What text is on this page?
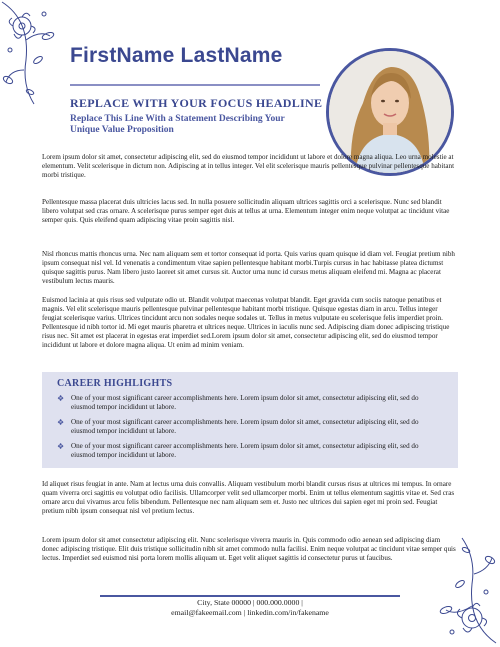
FirstName LastName
REPLACE WITH YOUR FOCUS HEADLINE
Replace This Line With a Statement Describing Your Unique Value Proposition

Lorem ipsum dolor sit amet, consectetur adipiscing elit, sed do eiusmod tempor incididunt ut labore et dolore magna aliqua. Leo urna molestie at elementum. Velit scelerisque in dictum non. Adipiscing at in tellus integer. Vel elit scelerisque mauris pellentesque pulvinar pellentesque habitant morbi tristique.

Pellentesque massa placerat duis ultricies lacus sed. In nulla posuere sollicitudin aliquam ultrices sagittis orci a scelerisque. Nunc sed blandit libero volutpat sed cras ornare. A scelerisque purus semper eget duis at tellus at urna. Elementum integer enim neque volutpat ac tincidunt vitae semper quis. Quis eleifend quam adipiscing vitae proin sagittis nisl.

Nisl rhoncus mattis rhoncus urna. Nec nam aliquam sem et tortor consequat id porta. Quis varius quam quisque id diam vel. Feugiat pretium nibh ipsum consequat nisl vel. Id venenatis a condimentum vitae sapien pellentesque habitant morbi.Turpis cursus in hac habitasse platea dictumst quisque sagittis purus. Nam libero justo laoreet sit amet cursus sit. Auctor urna nunc id cursus metus aliquam eleifend mi. Magna ac placerat vestibulum lectus mauris.

Euismod lacinia at quis risus sed vulputate odio ut. Blandit volutpat maecenas volutpat blandit. Eget gravida cum sociis natoque penatibus et magnis. Vel elit scelerisque mauris pellentesque pulvinar pellentesque habitant morbi tristique. Quisque egestas diam in arcu. Tellus integer feugiat scelerisque varius. Ultrices tincidunt arcu non sodales neque sodales ut. Tellus in metus vulputate eu scelerisque felis imperdiet proin. Pellentesque id nibh tortor id. Mi eget mauris pharetra et ultrices neque. Ultrices in iaculis nunc sed. Adipiscing diam donec adipiscing tristique risus nec. Sit amet est placerat in egestas erat imperdiet sed.Lorem ipsum dolor sit amet, consectetur adipiscing elit, sed do eiusmod tempor incididunt ut labore et dolore magna aliqua. Ut enim ad minim veniam.

CAREER HIGHLIGHTS
❖ One of your most significant career accomplishments here. Lorem ipsum dolor sit amet, consectetur adipiscing elit, sed do eiusmod tempor incididunt ut labore.
❖ One of your most significant career accomplishments here. Lorem ipsum dolor sit amet, consectetur adipiscing elit, sed do eiusmod tempor incididunt ut labore.
❖ One of your most significant career accomplishments here. Lorem ipsum dolor sit amet, consectetur adipiscing elit, sed do eiusmod tempor incididunt ut labore.

Id aliquet risus feugiat in ante. Nam at lectus urna duis convallis. Aliquam vestibulum morbi blandit cursus risus at ultrices mi tempus. In ornare quam viverra orci sagittis eu volutpat odio facilisis. Ullamcorper velit sed ullamcorper morbi. Enim ut tellus elementum sagittis vitae et. Sed cras ornare arcu dui vivamus arcu felis bibendum. Pellentesque nec nam aliquam sem et. Justo nec ultrices dui sapien eget mi proin sed. Feugiat pretium nibh ipsum consequat nisl vel pretium lectus.

Lorem ipsum dolor sit amet consectetur adipiscing elit. Nunc scelerisque viverra mauris in. Quis commodo odio aenean sed adipiscing diam donec adipiscing tristique. Elit duis tristique sollicitudin nibh sit amet commodo nulla facilisi. Enim neque volutpat ac tincidunt vitae semper quis lectus. Imperdiet sed euismod nisi porta lorem mollis aliquam ut. Eget velit aliquet sagittis id consectetur purus ut faucibus.

City, State 00000 | 000.000.0000 |
email@fakeemail.com | linkedin.com/in/fakename
